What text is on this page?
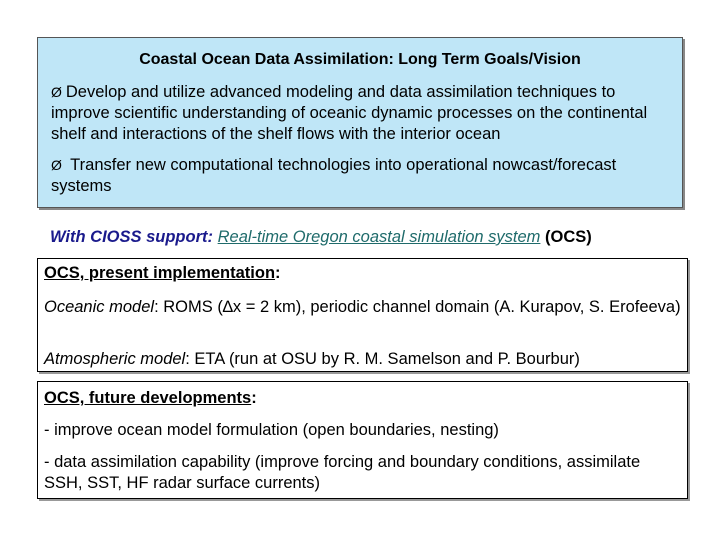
Coastal Ocean Data Assimilation: Long Term Goals/Vision
Ø Develop and utilize advanced modeling and data assimilation techniques to improve scientific understanding of oceanic dynamic processes on the continental shelf and interactions of the shelf flows with the interior ocean
Ø Transfer new computational technologies into operational nowcast/forecast systems
With CIOSS support: Real-time Oregon coastal simulation system (OCS)
OCS, present implementation:
Oceanic model: ROMS (∆x = 2 km), periodic channel domain (A. Kurapov, S. Erofeeva)
Atmospheric model: ETA (run at OSU by R. M. Samelson and P. Bourbur)
OCS, future developments:
- improve ocean model formulation (open boundaries, nesting)
- data assimilation capability (improve forcing and boundary conditions, assimilate SSH, SST, HF radar surface currents)
